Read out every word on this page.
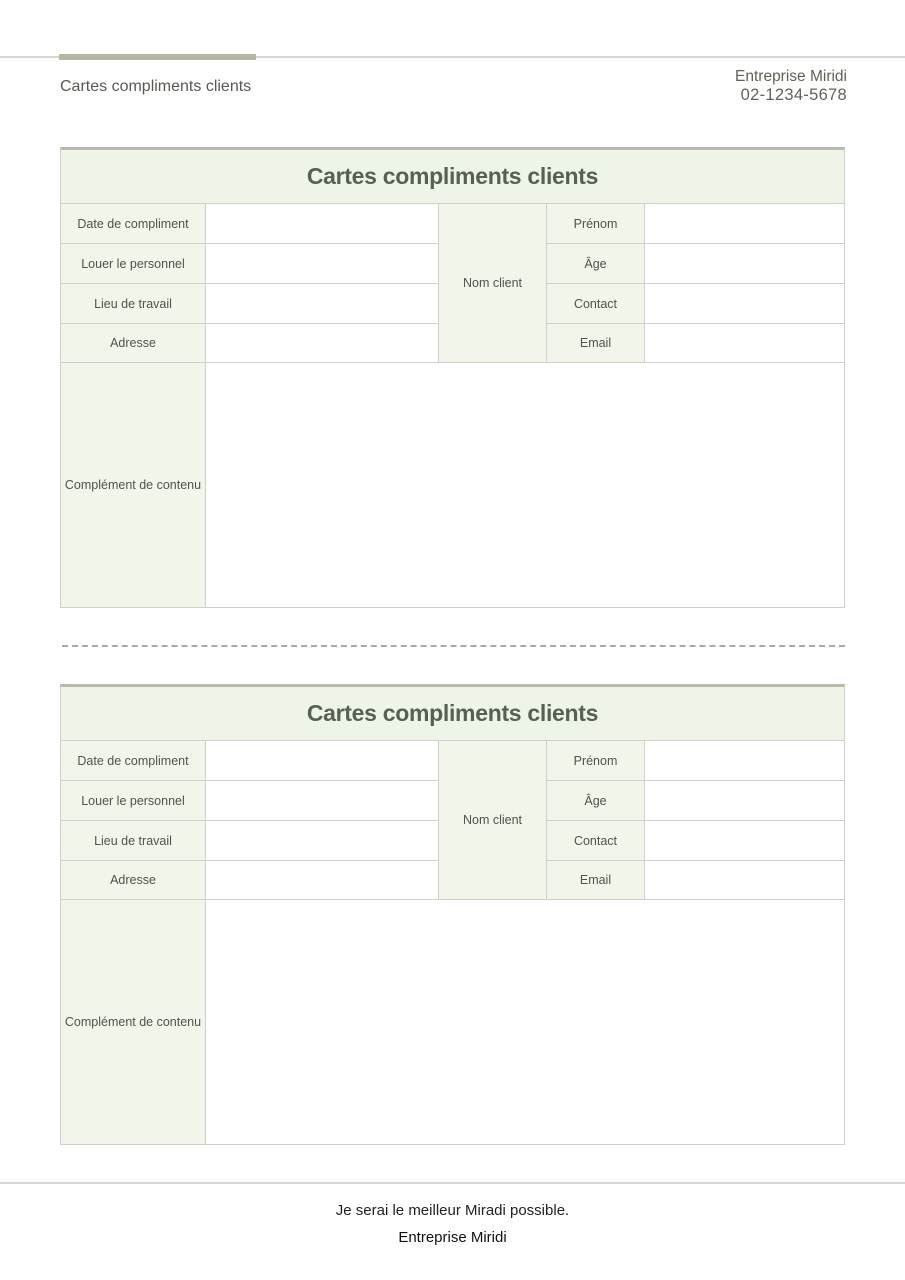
Cartes compliments clients
Entreprise Miridi
02-1234-5678
Cartes compliments clients
Date de compliment
Louer le personnel
Lieu de travail
Adresse
Nom client
Prénom
Âge
Contact
Email
Complément de contenu
Cartes compliments clients
Date de compliment
Louer le personnel
Lieu de travail
Adresse
Nom client
Prénom
Âge
Contact
Email
Complément de contenu
Je serai le meilleur Miradi possible.
Entreprise Miridi
